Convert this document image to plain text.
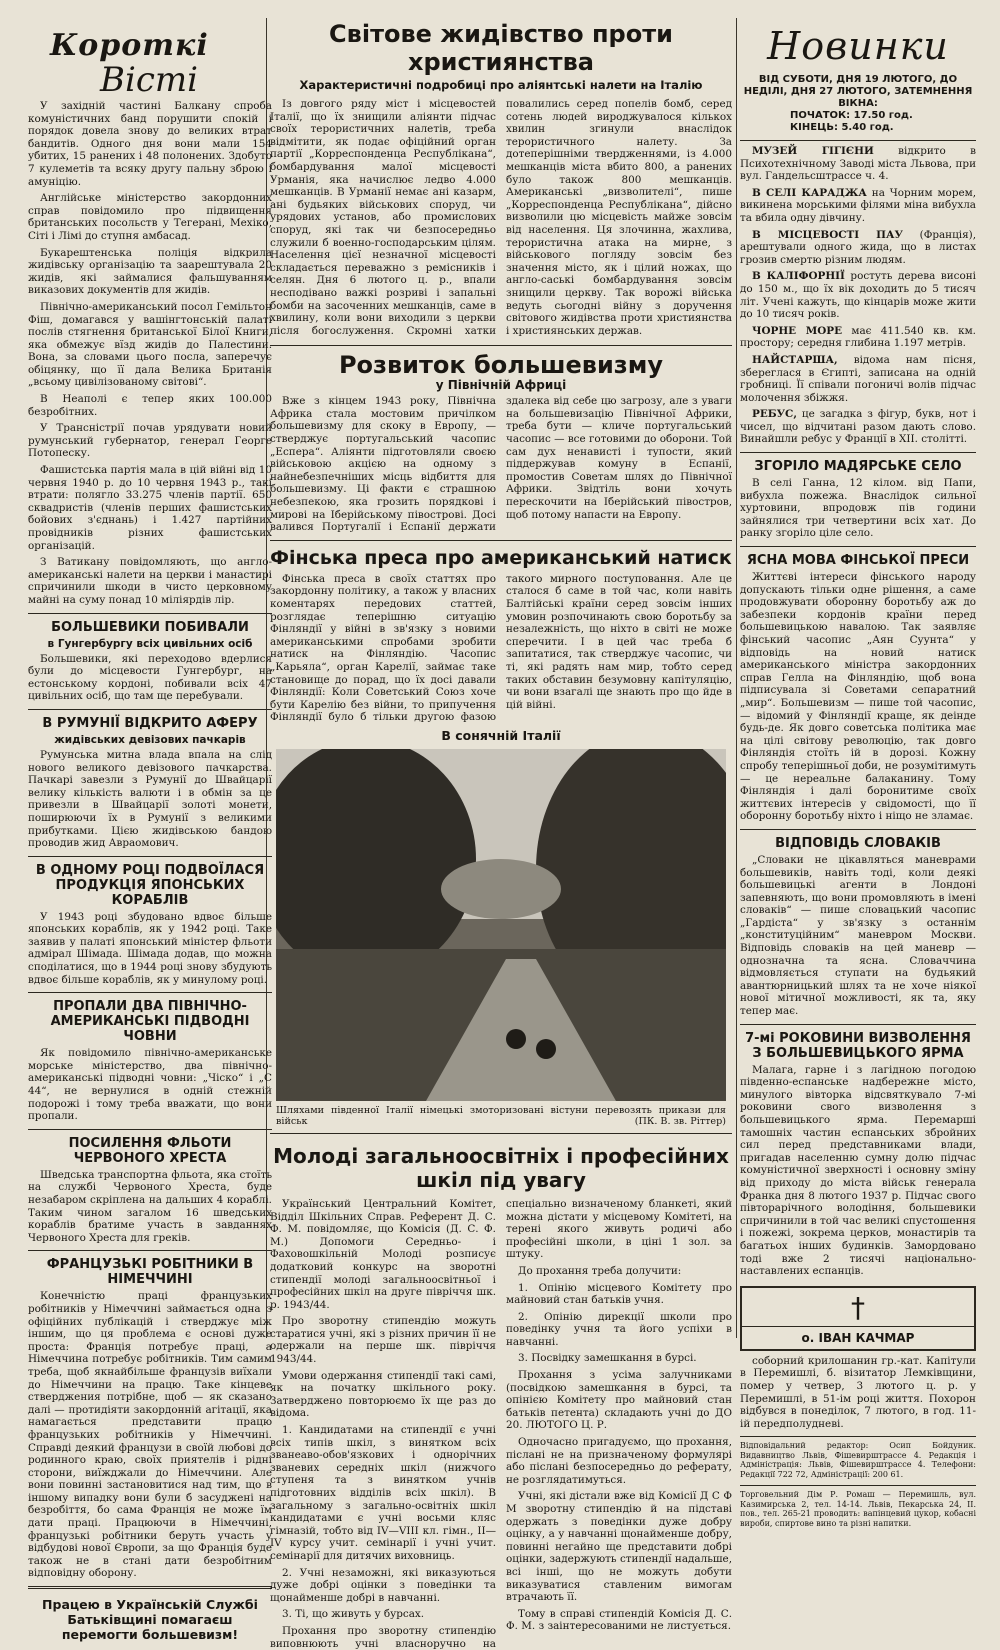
Короткі
Вісті

У західній частині Балкану спроба комуністичних банд порушити спокій і порядок довела знову до великих втрат бандитів. Одного дня вони мали 154 убитих, 15 ранених і 48 полонених. Здобуто 7 кулеметів та всяку другу пальну зброю і амуніцію.

Англійське міністерство закордонних справ повідомило про підвищення британських посольств у Тегерані, Мехіко, Сіті і Лімі до ступня амбасад.

Букарештенська поліція відкрила жидівську організацію та заарештувала 20 жидів, які займалися фальшуванням виказових документів для жидів.

Північно-американський посол Гемільтон Фіш, домагався у вашінгтонській палаті послів стягнення британської Білої Книги, яка обмежує вїзд жидів до Палестини. Вона, за словами цього посла, заперечує обіцянку, що її дала Велика Британія „всьому цивілізованому світові“.

В Неаполі є тепер яких 100.000 безробітних.

У Трансністрії почав урядувати новий румунський губернатор, генерал Георге Потопеску.

Фашистська партія мала в цій війні від 10 червня 1940 р. до 10 червня 1943 р., такі втрати: полягло 33.275 членів партії. 650 сквадристів (членів перших фашистських бойових з'єднань) і 1.427 партійних провідників різних фашистських організацій.

З Ватикану повідомляють, що англо-американські налети на церкви і манастирі спричинили шкоди в чисто церковному майні на суму понад 10 міліярдів лір.

БОЛЬШЕВИКИ ПОБИВАЛИ
в Гунгербургу всіх цивільних осіб

Большевики, які переходово вдерлися були до місцевости Гунгербург, на естонському кордоні, побивали всіх 47 цивільних осіб, що там ще перебували.

В РУМУНІЇ ВІДКРИТО АФЕРУ
жидівських девізових пачкарів

Румунська митна влада впала на слід нового великого девізового пачкарства. Пачкарі завезли з Румунії до Швайцарії велику кількість валюти і в обмін за це привезли в Швайцарії золоті монети, поширюючи їх в Румунії з великими прибутками. Цією жидівською бандою проводив жид Авраомович.

В ОДНОМУ РОЦІ ПОДВОЇЛАСЯ ПРОДУКЦІЯ ЯПОНСЬКИХ КОРАБЛІВ

У 1943 році збудовано вдвоє більше японських кораблів, як у 1942 році. Таке заявив у палаті японський міністер фльоти адмірал Шімада. Шімада додав, що можна споділатися, що в 1944 році знову збудують вдвоє більше кораблів, як у минулому році.

ПРОПАЛИ ДВА ПІВНІЧНО-АМЕРИКАНСЬКІ ПІДВОДНІ ЧОВНИ

Як повідомило північно-американське морське міністерство, два північно-американські підводні човни: „Чіско“ і „С 44“, не вернулися в одній стежній подорожі і тому треба вважати, що вони пропали.

ПОСИЛЕННЯ ФЛЬОТИ ЧЕРВОНОГО ХРЕСТА

Шведська транспортна фльота, яка стоїть на службі Червоного Хреста, буде незабаром скріплена на дальших 4 кораблі. Таким чином загалом 16 шведських кораблів братиме участь в завданнях Червоного Хреста для греків.

ФРАНЦУЗЬКІ РОБІТНИКИ В НІМЕЧЧИНІ

Конечністю праці французьких робітників у Німеччині займається одна з офіційних публікацій і стверджує між іншим, що ця проблема є основі дуже проста: Франція потребує праці, а Німеччина потребує робітників. Тим самим треба, щоб якнайбільше французів виїхали до Німеччини на працю. Таке кінцеве стверджения потрібне, щоб — як сказано далі — протидіяти закордонній агітації, яка намагається представити працю французьких робітників у Німеччині. Справді деякий французи в своїй любові до родинного краю, своїх приятелів і рідні сторони, виїжджали до Німеччини. Але вони повинні застановитися над тим, що в іншому випадку вони були б засуджені на безробіття, бо сама Франція не може їм дати праці. Працюючи в Німеччині, французькі робітники беруть участь у відбудові нової Європи, за що Франція буде також не в стані дати безробітним відповідну оборону.

Працею в Українській Службі Батьківщині помагаєш перемогти большевизм!
Світове жидівство проти християнства
Характеристичні подробиці про аліянтські налети на Італію

Із довгого ряду міст і місцевостей Італії, що їх знищили аліянти підчас своїх терористичних налетів, треба відмітити, як подає офіційний орган партії „Корреспонденца Республікана“, бомбардування малої місцевості Урманія, яка начислює ледво 4.000 мешканців. В Урманії немає ані казарм, ані будьяких військових споруд, чи урядових установ, або промислових споруд, які так чи безпосередньо служили б военно-господарським цілям. Населення цієї незначної місцевості складається переважно з ремісників і селян. Дня 6 лютого ц. р., впали несподівано важкі розриві і запальні бомби на засоченних мешканців, саме в хвилину, коли вони виходили з церкви після богослуження. Скромні хатки повалились серед попелів бомб, серед сотень людей вироджувалося кількох хвилин згинули внаслідок терористичного налету. За дотеперішніми твердженнями, із 4.000 мешканців міста вбито 800, а ранених було також 800 мешканців. Американські „визволителі“, пише „Корреспонденца Республікана“, дійсно визволили цю місцевість майже зовсім від населення. Ця злочинна, жахлива, терористична атака на мирне, з військового погляду зовсім без значення місто, як і цілий ножах, що англо-саські бомбардування зовсім знищили церкву. Так ворожі війська ведуть сьогодні війну з доручення світового жидівства проти християнства і християнських держав.

Розвиток большевизму
у Північній Африці

Вже з кінцем 1943 року, Північна Африка стала мостовим причілком большевизму для скоку в Европу, — стверджує португальський часопис „Еспера“. Аліянти підготовляли своєю військовою акцією на одному з найнебезпечніших місць відбиття для большевизму. Ці факти є страшною небезпекою, яка грозить порядкові і мирові на Іберійському півострові. Досі валився Португалії і Еспанії держати здалека від себе цю загрозу, але з уваги на большевизацію Північної Африки, треба бути — кличе португальський часопис — все готовими до оборони. Той сам дух ненависті і тупости, який піддержував комуну в Еспанії, промостив Советам шлях до Північної Африки. Звідтіль вони хочуть перескочити на Іберійський півостров, щоб потому напасти на Европу.

Фінська преса про американський натиск

Фінська преса в своїх статтях про закордонну політику, а також у власних коментарях передових статтей, розглядає теперішню ситуацію Фінляндії у війні в зв'язку з новими американськими спробами зробити натиск на Фінляндію. Часопис „Карьяла“, орган Карелії, займає таке становище до порад, що їх досі давали Фінляндії: Коли Советський Союз хоче бути Карелію без війни, то припучення Фінляндії було б тільки другою фазою такого мирного поступовання. Але це сталося б саме в той час, коли навіть Балтійські країни серед зовсім інших умовин розпочинають свою боротьбу за незалежність, що ніхто в світі не може сперечити. І в цей час треба б запитатися, так стверджує часопис, чи ті, які радять нам мир, тобто серед таких обставин безумовну капітуляцію, чи вони взагалі ще знають про що йде в цій війні.

В сонячній Італії
Шляхами південної Італії німецькі змоторизовані вістуни перевозять прикази для військ	(ПК. В. зв. Ріттер)
Молоді загальноосвітніх і професійних шкіл під увагу

Український Центральний Комітет, Відділ Шкільних Справ. Референт Д. С. Ф. М. повідомляє, що Комісія (Д. С. Ф. М.) Допомоги Середньо- і Фаховошкільній Молоді розписує додатковий конкурс на зворотні стипендії молоді загальноосвітньої і професійних шкіл на друге півріччя шк. р. 1943/44.

Про зворотну стипендію можуть старатися учні, які з різних причин її не одержали на перше шк. півріччя 1943/44.

Умови одержання стипендії такі самі, як на початку шкільного року. Затверджено повторюємо їх ще раз до відома.

1. Кандидатами на стипендії є учні всіх типів шкіл, з винятком всіх званеаво-обов'язкових і однорічних званевих середніх шкіл (нижчого ступеня та з винятком учнів підготовних відділів всіх шкіл). В загальному з загально-освітніх шкіл кандидатами є учні восьми кляс гімназій, тобто від IV—VIII кл. гімн., II—IV курсу учит. семінарії і учні учит. семінарії для дитячих виховниць.

2. Учні незаможні, які виказуються дуже добрі оцінки з поведінки та щонайменше добрі в навчанні.

3. Ті, що живуть у бурсах.

Прохання про зворотну стипендію виповнюють учні власноручно на спеціально визначеному бланкеті, який можна дістати у місцевому Комітеті, на терені якого живуть родичі або професійні школи, в ціні 1 зол. за штуку.

До прохання треба долучити:

1. Опінію місцевого Комітету про майновий стан батьків учня.

2. Опінію дирекції школи про поведінку учня та його успіхи в навчанні.

3. Посвідку замешкання в бурсі.

Прохання з усіма залучниками (посвідкою замешкання в бурсі, та опінією Комітету про майновий стан батьків петента) складають учні до ДО 20. ЛЮТОГО Ц. Р.

Одночасно пригадуємо, що прохання, післані не на призначеному формулярі або післані безпосередньо до реферату, не розглядатимуться.

Учні, які дістали вже від Комісії Д С Ф М зворотну стипендію й на підставі одержать з поведінки дуже добру оцінку, а у навчанні щонайменше добру, повинні негайно ще представити добрі оцінки, задержують стипендії надальше, всі інші, що не можуть добути виказуватися ставленим вимогам втрачають її.

Тому в справі стипендій Комісія Д. С. Ф. М. з заінтересованими не листується.

Новинки
ВІД СУБОТИ, ДНЯ 19 ЛЮТОГО, ДО НЕДІЛІ, ДНЯ 27 ЛЮТОГО, ЗАТЕМНЕННЯ ВІКНА:
ПОЧАТОК: 17.50 год.
КІНЕЦЬ: 5.40 год.

МУЗЕЙ ГІГІЄНИ відкрито в Психотехнічному Заводі міста Львова, при вул. Гандельсштрассе ч. 4.

В СЕЛІ КАРАДЖА на Чорним морем, викинена морськими філями міна вибухла та вбила одну дівчину.

В МІСЦЕВОСТІ ПАУ (Франція), арештували одного жида, що в листах грозив смертю різним людям.

В КАЛІФОРНІЇ ростуть дерева висоні до 150 м., що їх вік доходить до 5 тисяч літ. Учені кажуть, що кінцарів може жити до 10 тисяч років.

ЧОРНЕ МОРЕ має 411.540 кв. км. простору; середня глибина 1.197 метрів.

НАЙСТАРША, відома нам пісня, збереглася в Єгипті, записана на одній гробниці. Її співали погоничі волів підчас молочення збіжжя.

РЕБУС, це загадка з фігур, букв, нот і чисел, що відчитані разом дають слово. Винайшли ребус у Франції в XII. столітті.

ЗГОРІЛО МАДЯРСЬКЕ СЕЛО

В селі Ганна, 12 кілом. від Папи, вибухла пожежа. Внаслідок сильної хуртовини, впродовж пів години зайнялися три четвертини всіх хат. До ранку згоріло ціле село.

ЯСНА МОВА ФІНСЬКОЇ ПРЕСИ

Життєві інтереси фінського народу допускають тільки одне рішення, а саме продовжувати оборонну боротьбу аж до забезпеки кордонів країни перед большевицькою навалою. Так заявляє фінський часопис „Аян Суунта“ у відповідь на новий натиск американського міністра закордонних справ Гелла на Фінляндію, щоб вона підписувала зі Советами сепаратний „мир“. Большевизм — пише той часопис, — відомий у Фінляндії краще, як деінде будь-де. Як довго советська політика має на цілі світову революцію, так довго Фінляндія стоїть ій в дорозі. Кожну спробу теперішньої доби, не розумітимуть — це нереальне балаканину. Тому Фінляндія і далі боронитиме своїх життєвих інтересів у свідомості, що її оборонну боротьбу ніхто і ніщо не зламає.

ВІДПОВІДЬ СЛОВАКІВ

„Словаки не цікавляться маневрами большевиків, навіть тоді, коли деякі большевицькі агенти в Лондоні запевняють, що вони промовляють в імені словаків“ — пише словацький часопис „Гардіста“ у зв'язку з останнім „конституційним“ маневром Москви. Відповідь словаків на цей маневр — однозначна та ясна. Словаччина відмовляється ступати на будьякий авантюрницький шлях та не хоче ніякої нової мітичної можливості, як та, яку тепер має.

7-мі РОКОВИНИ ВИЗВОЛЕННЯ З БОЛЬШЕВИЦЬКОГО ЯРМА

Малага, гарне і з лагідною погодою південно-еспанське надбережне місто, минулого вівторка відсвяткувало 7-мі роковини свого визволення з большевицького ярма. Перемарші тамошніх частин еспанських збройних сил перед представниками влади, пригадав населенню сумну долю підчас комуністичної зверхності і основну зміну від приходу до міста військ генерала Франка дня 8 лютого 1937 р. Підчас свого півторарічного володіння, большевики спричинили в той час великі спустошення і пожежі, зокрема церков, монастирів та багатьох інших будинків. Замордовано тоді вже 2 тисячі національно-наставлених еспанців.

†
о. ІВАН КАЧМАР

соборний крилошанин гр.-кат. Капітули в Перемишлі, б. візитатор Лемківщини, помер у четвер, 3 лютого ц. р. у Перемишлі, в 51-ім році життя. Похорон відбувся в понеділок, 7 лютого, в год. 11-ій передполудневі.

Відповідальний редактор: Осип Бойдуник. Видавництво Львів, Фішевирштрассе 4. Редакція і Адміністрація: Львів, Фішевирштрассе 4. Телефони: Редакції 722 72, Адміністрації: 200 61.

Торговельний Дім Р. Ромаш — Перемишль, вул. Казимирська 2, тел. 14-14. Львів, Пекарська 24, II. пов., тел. 265-21 проводить: вапінцевий цукор, кобасні вироби, спиртове вино та різні напитки.
